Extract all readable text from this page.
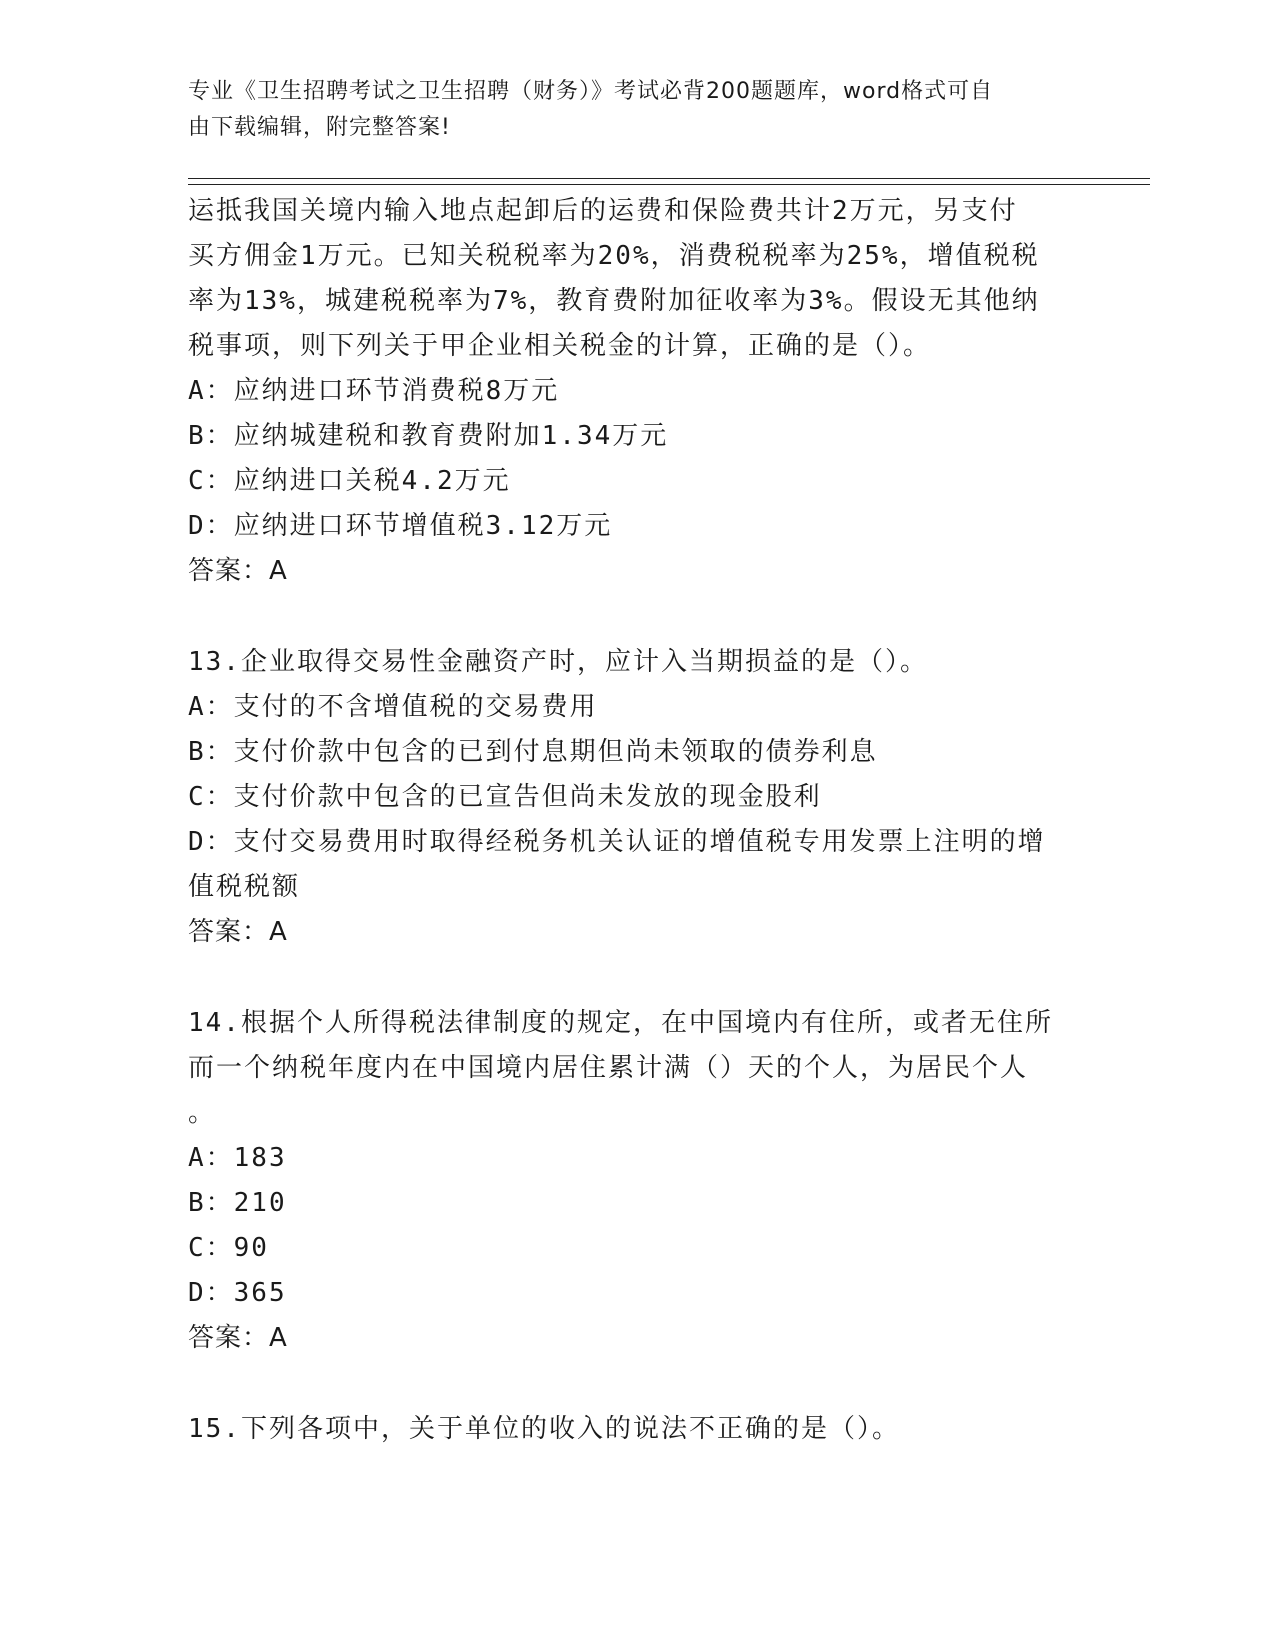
专业《卫生招聘考试之卫生招聘（财务）》考试必背200题题库，word格式可自
由下载编辑，附完整答案!
运抵我国关境内输入地点起卸后的运费和保险费共计2万元，另支付
买方佣金1万元。已知关税税率为20%，消费税税率为25%，增值税税
率为13%，城建税税率为7%，教育费附加征收率为3%。假设无其他纳
税事项，则下列关于甲企业相关税金的计算，正确的是（）。
A：应纳进口环节消费税8万元
B：应纳城建税和教育费附加1.34万元
C：应纳进口关税4.2万元
D：应纳进口环节增值税3.12万元
答案：A
13.企业取得交易性金融资产时，应计入当期损益的是（）。
A：支付的不含增值税的交易费用
B：支付价款中包含的已到付息期但尚未领取的债券利息
C：支付价款中包含的已宣告但尚未发放的现金股利
D：支付交易费用时取得经税务机关认证的增值税专用发票上注明的增
值税税额
答案：A
14.根据个人所得税法律制度的规定，在中国境内有住所，或者无住所
而一个纳税年度内在中国境内居住累计满（）天的个人，为居民个人
。
A：183
B：210
C：90
D：365
答案：A
15.下列各项中，关于单位的收入的说法不正确的是（）。
